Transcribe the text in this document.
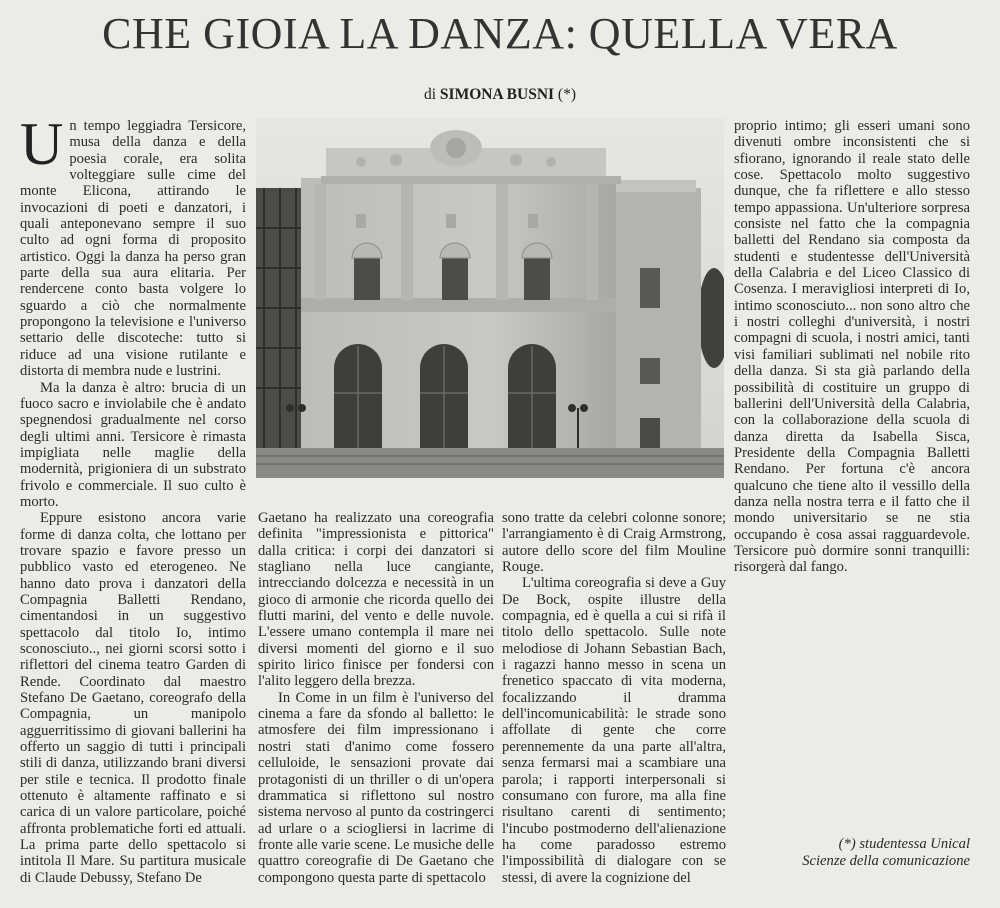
CHE GIOIA LA DANZA: QUELLA VERA
di SIMONA BUSNI (*)

Un tempo leggiadra Tersicore, musa della danza e della poesia corale, era solita volteggiare sulle cime del monte Elicona, attirando le invocazioni di poeti e danzatori, i quali anteponevano sempre il suo culto ad ogni forma di proposito artistico. Oggi la danza ha perso gran parte della sua aura elitaria. Per rendercene conto basta volgere lo sguardo a ciò che normalmente propongono la televisione e l'universo settario delle discoteche: tutto si riduce ad una visione rutilante e distorta di membra nude e lustrini.

Ma la danza è altro: brucia di un fuoco sacro e inviolabile che è andato spegnendosi gradualmente nel corso degli ultimi anni. Tersicore è rimasta impigliata nelle maglie della modernità, prigioniera di un substrato frivolo e commerciale. Il suo culto è morto.

Eppure esistono ancora varie forme di danza colta, che lottano per trovare spazio e favore presso un pubblico vasto ed eterogeneo. Ne hanno dato prova i danzatori della Compagnia Balletti Rendano, cimentandosi in un suggestivo spettacolo dal titolo Io, intimo sconosciuto.., nei giorni scorsi sotto i riflettori del cinema teatro Garden di Rende. Coordinato dal maestro Stefano De Gaetano, coreografo della Compagnia, un manipolo agguerritissimo di giovani ballerini ha offerto un saggio di tutti i principali stili di danza, utilizzando brani diversi per stile e tecnica. Il prodotto finale ottenuto è altamente raffinato e si carica di un valore particolare, poiché affronta problematiche forti ed attuali. La prima parte dello spettacolo si intitola Il Mare. Su partitura musicale di Claude Debussy, Stefano De

Gaetano ha realizzato una coreografia definita "impressionista e pittorica" dalla critica: i corpi dei danzatori si stagliano nella luce cangiante, intrecciando dolcezza e necessità in un gioco di armonie che ricorda quello dei flutti marini, del vento e delle nuvole. L'essere umano contempla il mare nei diversi momenti del giorno e il suo spirito lirico finisce per fondersi con l'alito leggero della brezza.

In Come in un film è l'universo del cinema a fare da sfondo al balletto: le atmosfere dei film impressionano i nostri stati d'animo come fossero celluloide, le sensazioni provate dai protagonisti di un thriller o di un'opera drammatica si riflettono sul nostro sistema nervoso al punto da costringerci ad urlare o a sciogliersi in lacrime di fronte alle varie scene. Le musiche delle quattro coreografie di De Gaetano che compongono questa parte di spettacolo

sono tratte da celebri colonne sonore; l'arrangiamento è di Craig Armstrong, autore dello score del film Mouline Rouge.

L'ultima coreografia si deve a Guy De Bock, ospite illustre della compagnia, ed è quella a cui si rifà il titolo dello spettacolo. Sulle note melodiose di Johann Sebastian Bach, i ragazzi hanno messo in scena un frenetico spaccato di vita moderna, focalizzando il dramma dell'incomunicabilità: le strade sono affollate di gente che corre perennemente da una parte all'altra, senza fermarsi mai a scambiare una parola; i rapporti interpersonali si consumano con furore, ma alla fine risultano carenti di sentimento; l'incubo postmoderno dell'alienazione ha come paradosso estremo l'impossibilità di dialogare con se stessi, di avere la cognizione del

proprio intimo; gli esseri umani sono divenuti ombre inconsistenti che si sfiorano, ignorando il reale stato delle cose. Spettacolo molto suggestivo dunque, che fa riflettere e allo stesso tempo appassiona. Un'ulteriore sorpresa consiste nel fatto che la compagnia balletti del Rendano sia composta da studenti e studentesse dell'Università della Calabria e del Liceo Classico di Cosenza. I meravigliosi interpreti di Io, intimo sconosciuto... non sono altro che i nostri colleghi d'università, i nostri compagni di scuola, i nostri amici, tanti visi familiari sublimati nel nobile rito della danza. Si sta già parlando della possibilità di costituire un gruppo di ballerini dell'Università della Calabria, con la collaborazione della scuola di danza diretta da Isabella Sisca, Presidente della Compagnia Balletti Rendano. Per fortuna c'è ancora qualcuno che tiene alto il vessillo della danza nella nostra terra e il fatto che il mondo universitario se ne stia occupando è cosa assai ragguardevole. Tersicore può dormire sonni tranquilli: risorgerà dal fango.

(*) studentessa Unical
Scienze della comunicazione
